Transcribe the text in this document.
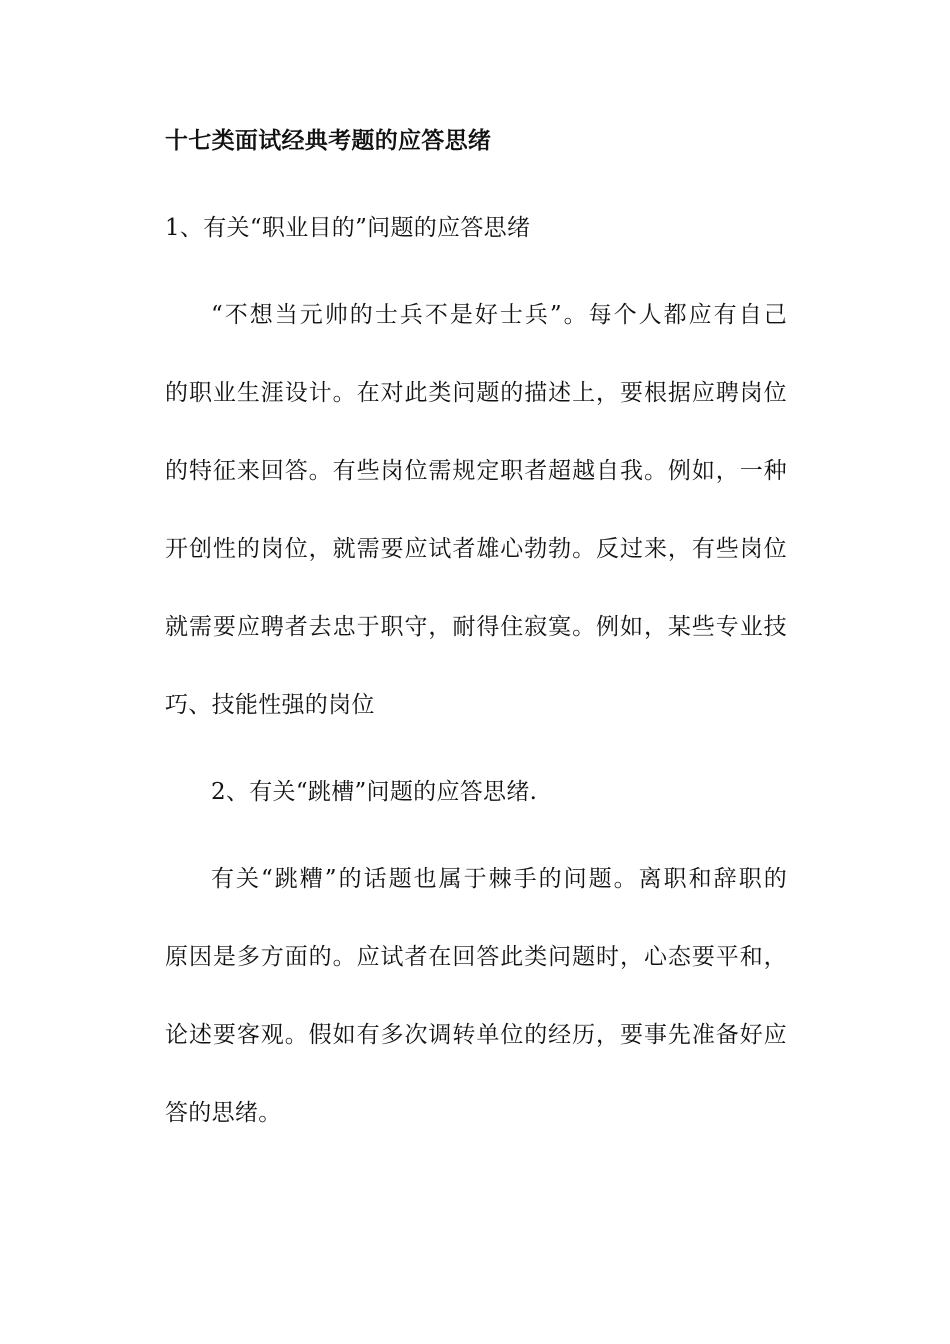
十七类面试经典考题的应答思绪
1、有关“职业目的”问题的应答思绪
“不想当元帅的士兵不是好士兵”。每个人都应有自己
的职业生涯设计。在对此类问题的描述上，要根据应聘岗位
的特征来回答。有些岗位需规定职者超越自我。例如，一种
开创性的岗位，就需要应试者雄心勃勃。反过来，有些岗位
就需要应聘者去忠于职守，耐得住寂寞。例如，某些专业技
巧、技能性强的岗位
2、有关“跳槽”问题的应答思绪.
有关“跳糟”的话题也属于棘手的问题。离职和辞职的
原因是多方面的。应试者在回答此类问题时，心态要平和，
论述要客观。假如有多次调转单位的经历，要事先准备好应
答的思绪。
